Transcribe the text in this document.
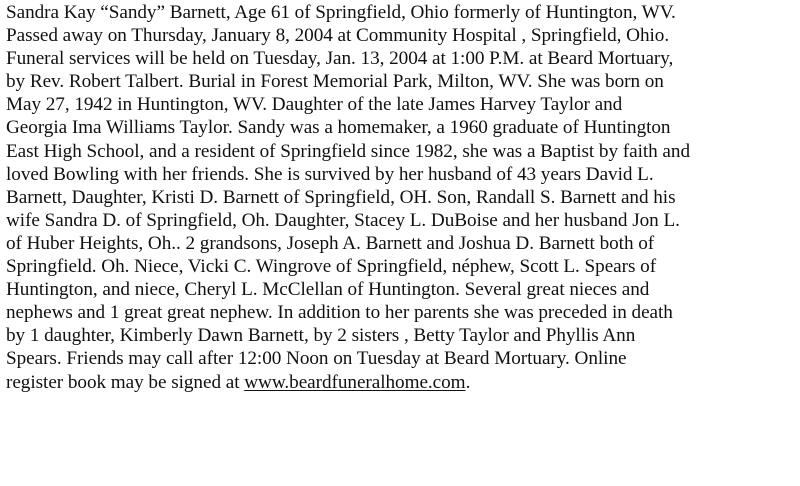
Sandra Kay “Sandy” Barnett, Age 61 of Springfield, Ohio formerly of Huntington, WV.
Passed away on Thursday, January 8, 2004 at Community Hospital , Springfield, Ohio.
Funeral services will be held on Tuesday, Jan. 13, 2004 at 1:00 P.M. at Beard Mortuary,
by Rev. Robert Talbert. Burial in Forest Memorial Park, Milton, WV. She was born on
May 27, 1942 in Huntington, WV. Daughter of the late James Harvey Taylor and
Georgia Ima Williams Taylor. Sandy was a homemaker, a 1960 graduate of Huntington
East High School, and a resident of Springfield since 1982, she was a Baptist by faith and
loved Bowling with her friends. She is survived by her husband of 43 years David L.
Barnett, Daughter, Kristi D. Barnett of Springfield, OH. Son, Randall S. Barnett and his
wife Sandra D. of Springfield, Oh. Daughter, Stacey L. DuBoise and her husband Jon L.
of Huber Heights, Oh.. 2 grandsons, Joseph A. Barnett and Joshua D. Barnett both of
Springfield. Oh. Niece, Vicki C. Wingrove of Springfield, néphew, Scott L. Spears of
Huntington, and niece, Cheryl L. McClellan of Huntington. Several great nieces and
nephews and 1 great great nephew. In addition to her parents she was preceded in death
by 1 daughter, Kimberly Dawn Barnett, by 2 sisters , Betty Taylor and Phyllis Ann
Spears. Friends may call after 12:00 Noon on Tuesday at Beard Mortuary. Online
register book may be signed at www.beardfuneralhome.com.
